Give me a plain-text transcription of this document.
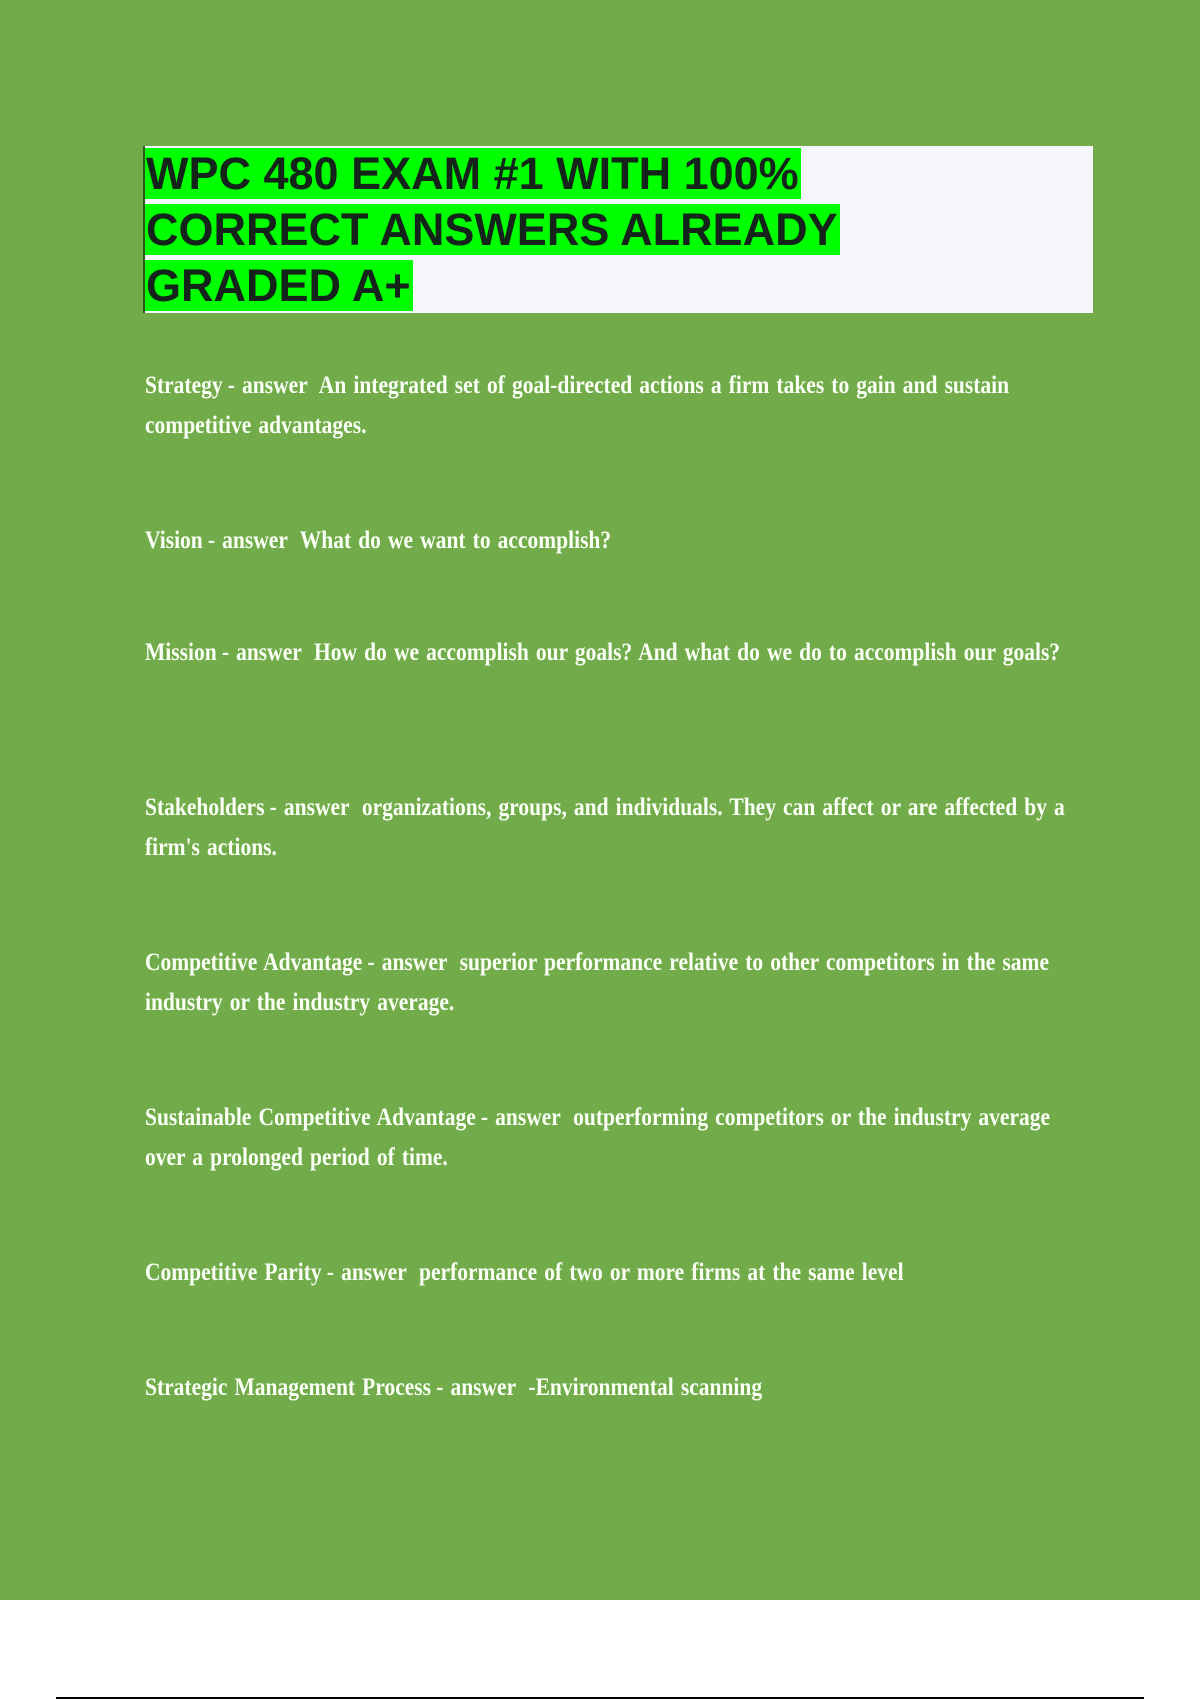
WPC 480 EXAM #1 WITH 100%
CORRECT ANSWERS ALREADY
GRADED A+
Strategy - answer An integrated set of goal-directed actions a firm takes to gain and sustain competitive advantages.
Vision - answer What do we want to accomplish?
Mission - answer How do we accomplish our goals? And what do we do to accomplish our goals?
Stakeholders - answer organizations, groups, and individuals. They can affect or are affected by a firm's actions.
Competitive Advantage - answer superior performance relative to other competitors in the same industry or the industry average.
Sustainable Competitive Advantage - answer outperforming competitors or the industry average over a prolonged period of time.
Competitive Parity - answer performance of two or more firms at the same level
Strategic Management Process - answer -Environmental scanning
